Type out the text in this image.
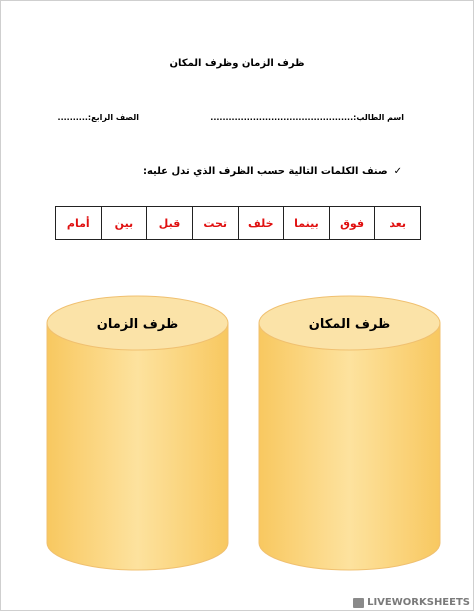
ظرف الزمان وظرف المكان
اسم الطالب:...............................................
الصف الرابع:..........
✓صنف الكلمات التالية حسب الظرف الذي تدل عليه:
بعد	فوق	بينما	خلف	تحت	قبل	بين	أمام
ظرف الزمان	ظرف المكان
LIVEWORKSHEETS
